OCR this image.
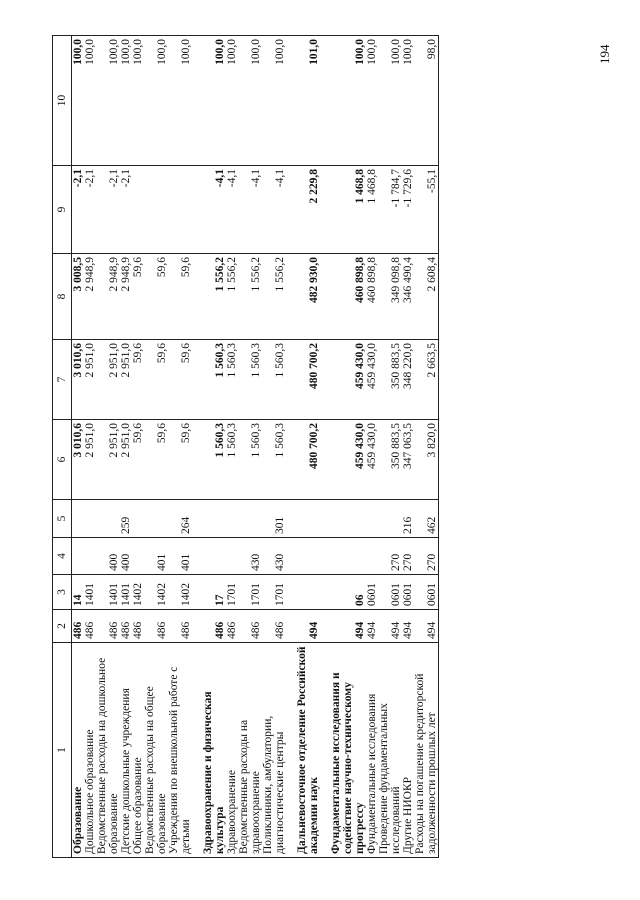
194
1	2	3	4	5	6	7	8	9	10
Образование	486	14			3 010,6	3 010,6	3 008,5	-2,1	100,0
Дошкольное образование	486	1401			2 951,0	2 951,0	2 948,9	-2,1	100,0
Ведомственные расходы на дошкольное образование	486	1401	400		2 951,0	2 951,0	2 948,9	-2,1	100,0
Детские дошкольные учреждения	486	1401	400	259	2 951,0	2 951,0	2 948,9	-2,1	100,0
Общее образование	486	1402			59,6	59,6	59,6		100,0
Ведомственные расходы на общее образование	486	1402	401		59,6	59,6	59,6		100,0
Учреждения по внешкольной работе с детьми	486	1402	401	264	59,6	59,6	59,6		100,0

Здравоохранение и физическая культура	486	17			1 560,3	1 560,3	1 556,2	-4,1	100,0
Здравоохранение	486	1701			1 560,3	1 560,3	1 556,2	-4,1	100,0
Ведомственные расходы на здравоохранение	486	1701	430		1 560,3	1 560,3	1 556,2	-4,1	100,0
Поликлиники, амбулатории, диагностические центры	486	1701	430	301	1 560,3	1 560,3	1 556,2	-4,1	100,0

Дальневосточное отделение Российской академии наук	494				480 700,2	480 700,2	482 930,0	2 229,8	101,0

Фундаментальные исследования и содействие научно-техническому прогрессу	494	06			459 430,0	459 430,0	460 898,8	1 468,8	100,0
Фундаментальные исследования	494	0601			459 430,0	459 430,0	460 898,8	1 468,8	100,0
Проведение фундаментальных исследований	494	0601	270		350 883,5	350 883,5	349 098,8	-1 784,7	100,0
Другие НИОКР	494	0601	270	216	347 063,5	348 220,0	346 490,4	-1 729,6	100,0
Расходы на погашение кредиторской задолженности прошлых лет	494	0601	270	462	3 820,0	2 663,5	2 608,4	-55,1	98,0
